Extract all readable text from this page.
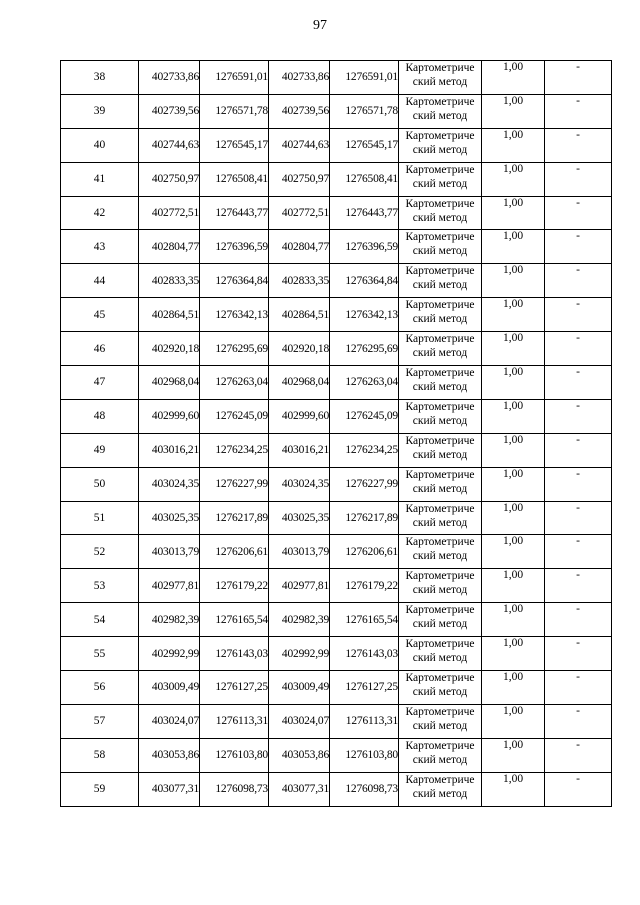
97
38	402733,86	1276591,01	402733,86	1276591,01	Картометриче
ский метод	1,00	-
39	402739,56	1276571,78	402739,56	1276571,78	Картометриче
ский метод	1,00	-
40	402744,63	1276545,17	402744,63	1276545,17	Картометриче
ский метод	1,00	-
41	402750,97	1276508,41	402750,97	1276508,41	Картометриче
ский метод	1,00	-
42	402772,51	1276443,77	402772,51	1276443,77	Картометриче
ский метод	1,00	-
43	402804,77	1276396,59	402804,77	1276396,59	Картометриче
ский метод	1,00	-
44	402833,35	1276364,84	402833,35	1276364,84	Картометриче
ский метод	1,00	-
45	402864,51	1276342,13	402864,51	1276342,13	Картометриче
ский метод	1,00	-
46	402920,18	1276295,69	402920,18	1276295,69	Картометриче
ский метод	1,00	-
47	402968,04	1276263,04	402968,04	1276263,04	Картометриче
ский метод	1,00	-
48	402999,60	1276245,09	402999,60	1276245,09	Картометриче
ский метод	1,00	-
49	403016,21	1276234,25	403016,21	1276234,25	Картометриче
ский метод	1,00	-
50	403024,35	1276227,99	403024,35	1276227,99	Картометриче
ский метод	1,00	-
51	403025,35	1276217,89	403025,35	1276217,89	Картометриче
ский метод	1,00	-
52	403013,79	1276206,61	403013,79	1276206,61	Картометриче
ский метод	1,00	-
53	402977,81	1276179,22	402977,81	1276179,22	Картометриче
ский метод	1,00	-
54	402982,39	1276165,54	402982,39	1276165,54	Картометриче
ский метод	1,00	-
55	402992,99	1276143,03	402992,99	1276143,03	Картометриче
ский метод	1,00	-
56	403009,49	1276127,25	403009,49	1276127,25	Картометриче
ский метод	1,00	-
57	403024,07	1276113,31	403024,07	1276113,31	Картометриче
ский метод	1,00	-
58	403053,86	1276103,80	403053,86	1276103,80	Картометриче
ский метод	1,00	-
59	403077,31	1276098,73	403077,31	1276098,73	Картометриче
ский метод	1,00	-
